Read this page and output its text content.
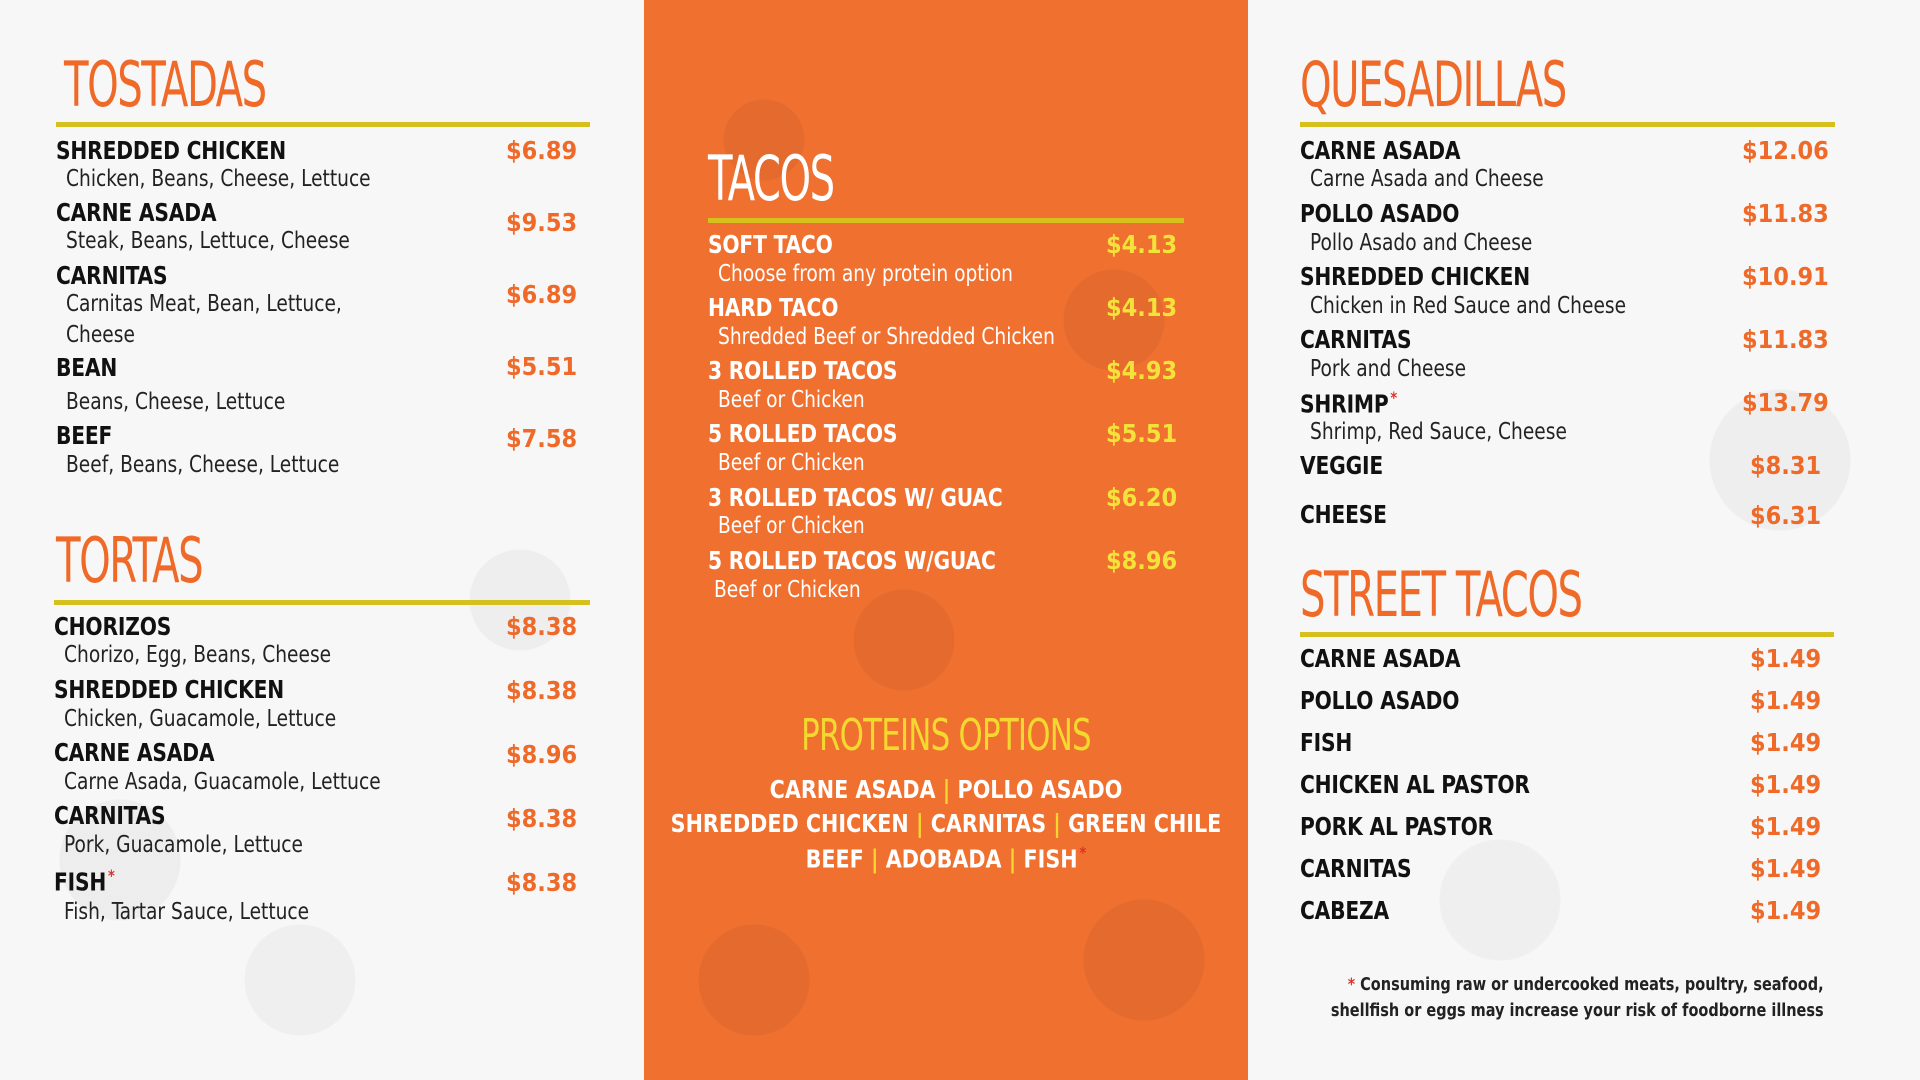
TOSTADAS
SHREDDED CHICKEN
Chicken, Beans, Cheese, Lettuce
$6.89
CARNE ASADA
Steak, Beans, Lettuce, Cheese
$9.53
CARNITAS
Carnitas Meat, Bean, Lettuce,
Cheese
$6.89
BEAN
Beans, Cheese, Lettuce
$5.51
BEEF
Beef, Beans, Cheese, Lettuce
$7.58
TORTAS
CHORIZOS
Chorizo, Egg, Beans, Cheese
$8.38
SHREDDED CHICKEN
Chicken, Guacamole, Lettuce
$8.38
CARNE ASADA
Carne Asada, Guacamole, Lettuce
$8.96
CARNITAS
Pork, Guacamole, Lettuce
$8.38
FISH *
Fish, Tartar Sauce, Lettuce
$8.38
TACOS
SOFT TACO
Choose from any protein option
$4.13
HARD TACO
Shredded Beef or Shredded Chicken
$4.13
3 ROLLED TACOS
Beef or Chicken
$4.93
5 ROLLED TACOS
Beef or Chicken
$5.51
3 ROLLED TACOS W/ GUAC
Beef or Chicken
$6.20
5 ROLLED TACOS W/GUAC
Beef or Chicken
$8.96
PROTEINS OPTIONS
CARNE ASADA | POLLO ASADO
SHREDDED CHICKEN | CARNITAS | GREEN CHILE
BEEF | ADOBADA | FISH *
QUESADILLAS
CARNE ASADA
Carne Asada and Cheese
$12.06
POLLO ASADO
Pollo Asado and Cheese
$11.83
SHREDDED CHICKEN
Chicken in Red Sauce and Cheese
$10.91
CARNITAS
Pork and Cheese
$11.83
SHRIMP *
Shrimp, Red Sauce, Cheese
$13.79
VEGGIE	$8.31
CHEESE	$6.31
STREET TACOS
CARNE ASADA	$1.49
POLLO ASADO	$1.49
FISH	$1.49
CHICKEN AL PASTOR	$1.49
PORK AL PASTOR	$1.49
CARNITAS	$1.49
CABEZA	$1.49
* Consuming raw or undercooked meats, poultry, seafood,
shellfish or eggs may increase your risk of foodborne illness
